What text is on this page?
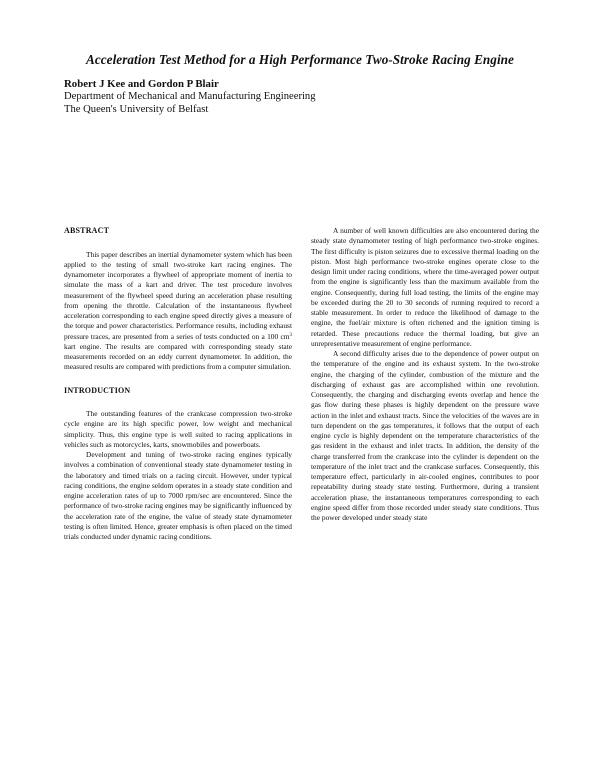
Acceleration Test Method for a High Performance Two-Stroke Racing Engine
Robert J Kee and Gordon P Blair
Department of Mechanical and Manufacturing Engineering
The Queen's University of Belfast
ABSTRACT

This paper describes an inertial dynamometer system which has been applied to the testing of small two-stroke kart racing engines. The dynamometer incorporates a flywheel of appropriate moment of inertia to simulate the mass of a kart and driver. The test procedure involves measurement of the flywheel speed during an acceleration phase resulting from opening the throttle. Calculation of the instantaneous flywheel acceleration corresponding to each engine speed directly gives a measure of the torque and power characteristics. Performance results, including exhaust pressure traces, are presented from a series of tests conducted on a 100 $cm^3$ kart engine. The results are compared with corresponding steady state measurements recorded on an eddy current dynamometer. In addition, the measured results are compared with predictions from a computer simulation.

INTRODUCTION

The outstanding features of the crankcase compression two-stroke cycle engine are its high specific power, low weight and mechanical simplicity. Thus, this engine type is well suited to racing applications in vehicles such as motorcycles, karts, snowmobiles and powerboats.

Development and tuning of two-stroke racing engines typically involves a combination of conventional steady state dynamometer testing in the laboratory and timed trials on a racing circuit. However, under typical racing conditions, the engine seldom operates in a steady state condition and engine acceleration rates of up to 7000 rpm/sec are encountered. Since the performance of two-stroke racing engines may be significantly influenced by the acceleration rate of the engine, the value of steady state dynamometer testing is often limited. Hence, greater emphasis is often placed on the timed trials conducted under dynamic racing conditions.

A number of well known difficulties are also encountered during the steady state dynamometer testing of high performance two-stroke engines. The first difficulty is piston seizures due to excessive thermal loading on the piston. Most high performance two-stroke engines operate close to the design limit under racing conditions, where the time-averaged power output from the engine is significantly less than the maximum available from the engine. Consequently, during full load testing, the limits of the engine may be exceeded during the 20 to 30 seconds of running required to record a stable measurement. In order to reduce the likelihood of damage to the engine, the fuel/air mixture is often richened and the ignition timing is retarded. These precautions reduce the thermal loading, but give an unrepresentative measurement of engine performance.

A second difficulty arises due to the dependence of power output on the temperature of the engine and its exhaust system. In the two-stroke engine, the charging of the cylinder, combustion of the mixture and the discharging of exhaust gas are accomplished within one revolution. Consequently, the charging and discharging events overlap and hence the gas flow during these phases is highly dependent on the pressure wave action in the inlet and exhaust tracts. Since the velocities of the waves are in turn dependent on the gas temperatures, it follows that the output of each engine cycle is highly dependent on the temperature characteristics of the gas resident in the exhaust and inlet tracts. In addition, the density of the charge transferred from the crankcase into the cylinder is dependent on the temperature of the inlet tract and the crankcase surfaces. Consequently, this temperature effect, particularly in air-cooled engines, contributes to poor repeatability during steady state testing. Furthermore, during a transient acceleration phase, the instantaneous temperatures corresponding to each engine speed differ from those recorded under steady state conditions. Thus the power developed under steady state
